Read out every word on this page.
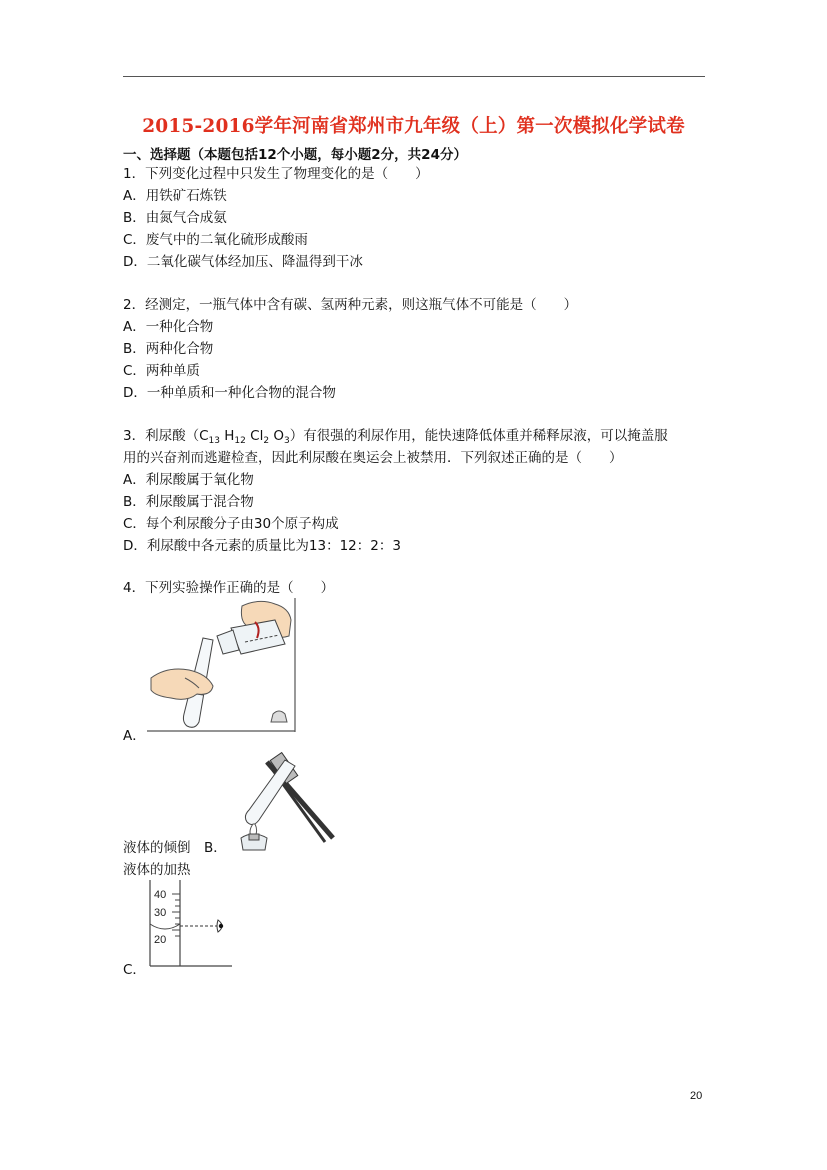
2015-2016学年河南省郑州市九年级（上）第一次模拟化学试卷
一、选择题（本题包括12个小题，每小题2分，共24分）
1．下列变化过程中只发生了物理变化的是（　　）
A．用铁矿石炼铁
B．由氮气合成氨
C．废气中的二氧化硫形成酸雨
D．二氧化碳气体经加压、降温得到干冰
2．经测定，一瓶气体中含有碳、氢两种元素，则这瓶气体不可能是（　　）
A．一种化合物
B．两种化合物
C．两种单质
D．一种单质和一种化合物的混合物
3．利尿酸（$C_{13}$ $H_{12}$ $Cl_2$ $O_3$）有很强的利尿作用，能快速降低体重并稀释尿液，可以掩盖服
用的兴奋剂而逃避检查，因此利尿酸在奥运会上被禁用．下列叙述正确的是（　　）
A．利尿酸属于氧化物
B．利尿酸属于混合物
C．每个利尿酸分子由30个原子构成
D．利尿酸中各元素的质量比为13：12：2：3
4．下列实验操作正确的是（　　）
A．
液体的倾倒　 B．
液体的加热
40
30
20
C．
20
